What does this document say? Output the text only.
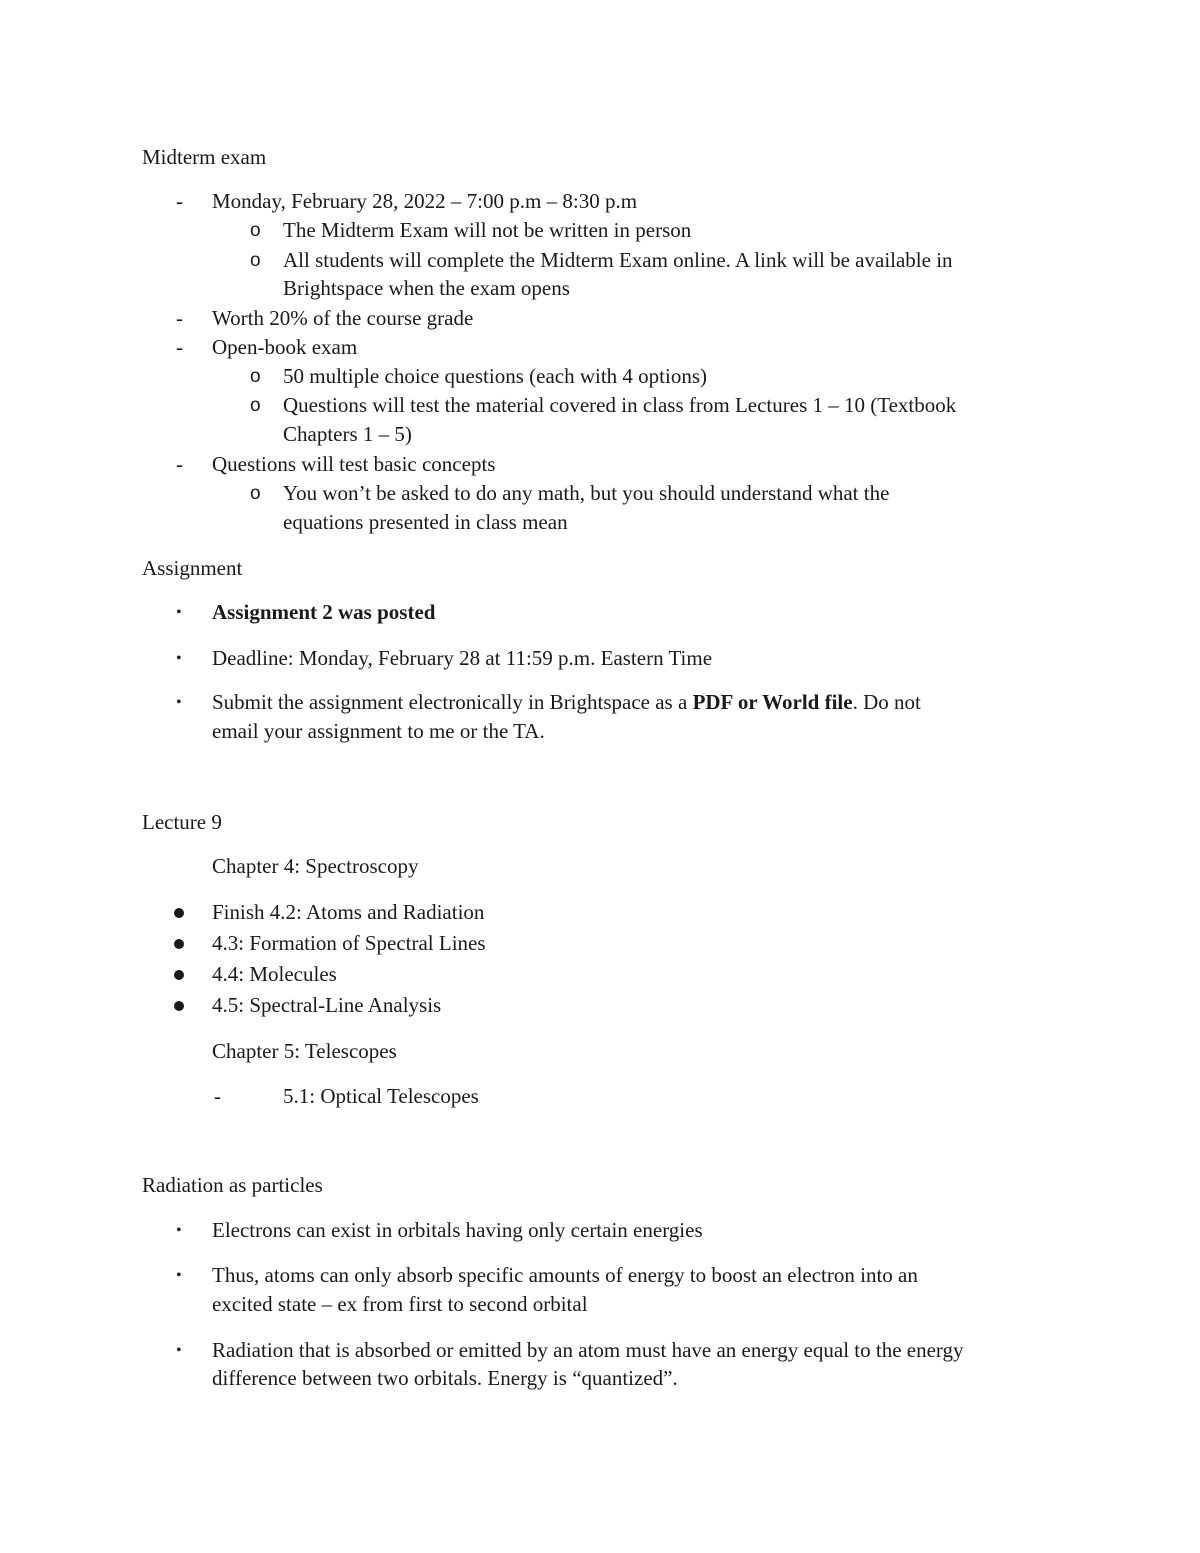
Midterm exam
- Monday, February 28, 2022 – 7:00 p.m – 8:30 p.m
o The Midterm Exam will not be written in person
o All students will complete the Midterm Exam online. A link will be available in
Brightspace when the exam opens
- Worth 20% of the course grade
- Open-book exam
o 50 multiple choice questions (each with 4 options)
o Questions will test the material covered in class from Lectures 1 – 10 (Textbook
Chapters 1 – 5)
- Questions will test basic concepts
o You won’t be asked to do any math, but you should understand what the
equations presented in class mean
Assignment
• Assignment 2 was posted
• Deadline: Monday, February 28 at 11:59 p.m. Eastern Time
• Submit the assignment electronically in Brightspace as a PDF or World file. Do not
email your assignment to me or the TA.
Lecture 9
Chapter 4: Spectroscopy
Finish 4.2: Atoms and Radiation
4.3: Formation of Spectral Lines
4.4: Molecules
4.5: Spectral-Line Analysis
Chapter 5: Telescopes
-	5.1: Optical Telescopes
Radiation as particles
• Electrons can exist in orbitals having only certain energies
• Thus, atoms can only absorb specific amounts of energy to boost an electron into an
excited state – ex from first to second orbital
• Radiation that is absorbed or emitted by an atom must have an energy equal to the energy
difference between two orbitals. Energy is “quantized”.
